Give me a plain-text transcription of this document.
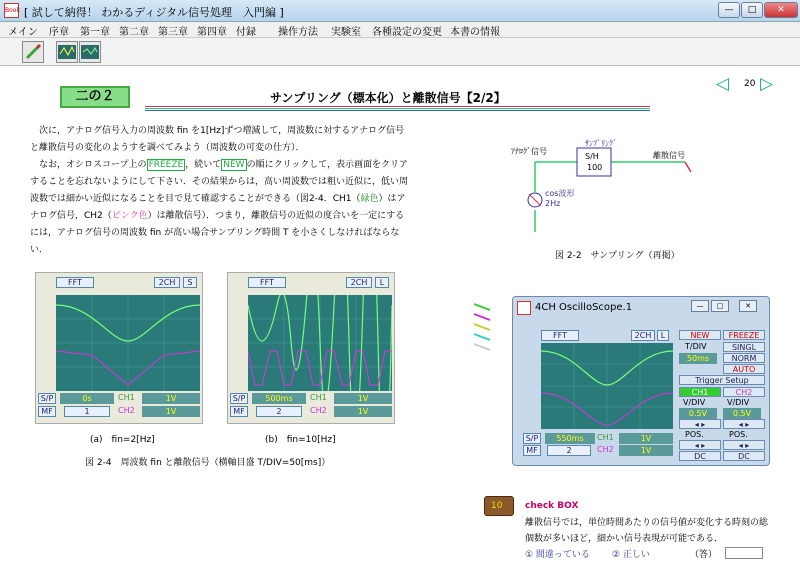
Book [ 試して納得！ わかるディジタル信号処理　入門編 ]	—	□	✕
メイン 序章 第一章 第二章 第三章 第四章 付録 操作方法 実験室 各種設定の変更 本書の情報
二の２	サンプリング（標本化）と離散信号【2/2】
◁ 20 ▷

次に，アナログ信号入力の周波数 fin を1[Hz]ずつ増減して，周波数に対するアナログ信号と離散信号の変化のようすを調べてみよう（周波数の可変の仕方）．

なお，オシロスコープ上の FREEZE ，続いて NEW の順にクリックして，表示画面をクリアすることを忘れないようにして下さい．その結果からは，高い周波数では粗い近似に，低い周波数では細かい近似になることを目で見て確認することができる（図2-4．CH1（緑色）はアナログ信号，CH2（ピンク色）は離散信号）．つまり，離散信号の近似の度合いを一定にするには，アナログ信号の周波数 fin が高い場合サンプリング時間 T を小さくしなければならない．

ｱﾅﾛｸﾞ信号
ｻﾝﾌﾟﾘﾝｸﾞ
S/H
100
離散信号
cos波形
2Hz
図 2-2　サンプリング（再掲）
FFT	2CH	S
S/P	0s	CH1	1V
MF	1	CH2	1V
(a)　fin=2[Hz]
FFT	2CH	L
S/P	500ms	CH1	1V
MF	2	CH2	1V
(b)　fin=10[Hz]
図 2-4　周波数 fin と離散信号（横軸目盛 T/DIV=50[ms]）
4CH OscilloScope.1	—	□	✕
FFT	2CH	L	NEW	FREEZE
T/DIV	SINGL
50ms	NORM
AUTO
Trigger Setup
CH1	CH2
V/DIV	V/DIV
0.5V	0.5V
◂ ▸	◂ ▸
POS.	POS.
◂ ▸	◂ ▸
DC	DC
S/P	550ms	CH1	1V
MF	2	CH2	1V
10	check BOX
離散信号では，単位時間あたりの信号値が変化する時刻の総個数が多いほど，細かい信号表現が可能である．
① 間違っている ② 正しい	（答）
